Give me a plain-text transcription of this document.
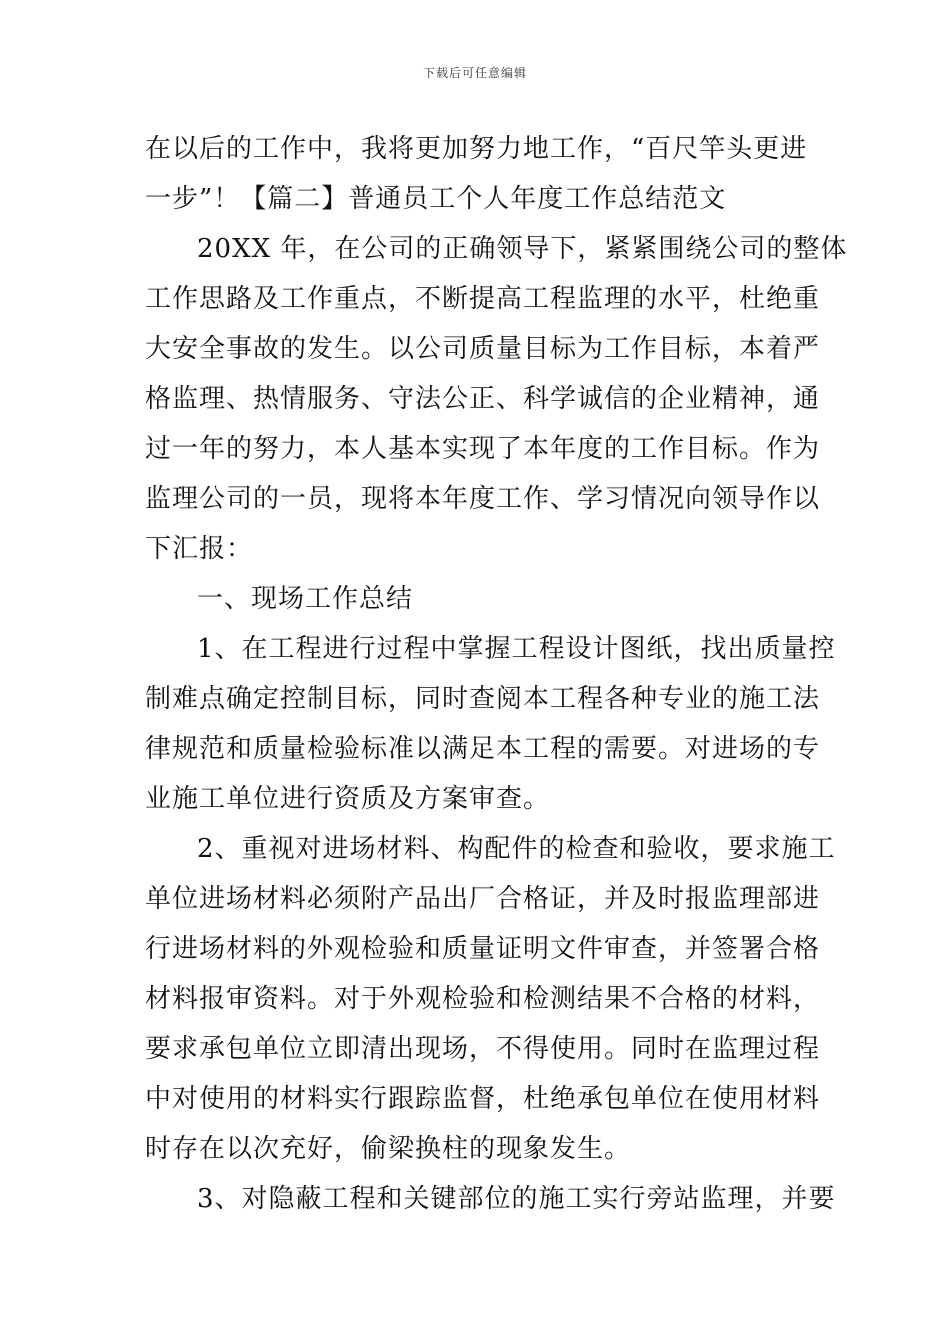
下载后可任意编辑
在以后的工作中，我将更加努力地工作，“百尺竿头更进
一步”！【篇二】普通员工个人年度工作总结范文
20XX 年，在公司的正确领导下，紧紧围绕公司的整体
工作思路及工作重点，不断提高工程监理的水平，杜绝重
大安全事故的发生。以公司质量目标为工作目标，本着严
格监理、热情服务、守法公正、科学诚信的企业精神，通
过一年的努力，本人基本实现了本年度的工作目标。作为
监理公司的一员，现将本年度工作、学习情况向领导作以
下汇报：
一、现场工作总结
1、在工程进行过程中掌握工程设计图纸，找出质量控
制难点确定控制目标，同时查阅本工程各种专业的施工法
律规范和质量检验标准以满足本工程的需要。对进场的专
业施工单位进行资质及方案审查。
2、重视对进场材料、构配件的检查和验收，要求施工
单位进场材料必须附产品出厂合格证，并及时报监理部进
行进场材料的外观检验和质量证明文件审查，并签署合格
材料报审资料。对于外观检验和检测结果不合格的材料，
要求承包单位立即清出现场，不得使用。同时在监理过程
中对使用的材料实行跟踪监督，杜绝承包单位在使用材料
时存在以次充好，偷梁换柱的现象发生。
3、对隐蔽工程和关键部位的施工实行旁站监理，并要
